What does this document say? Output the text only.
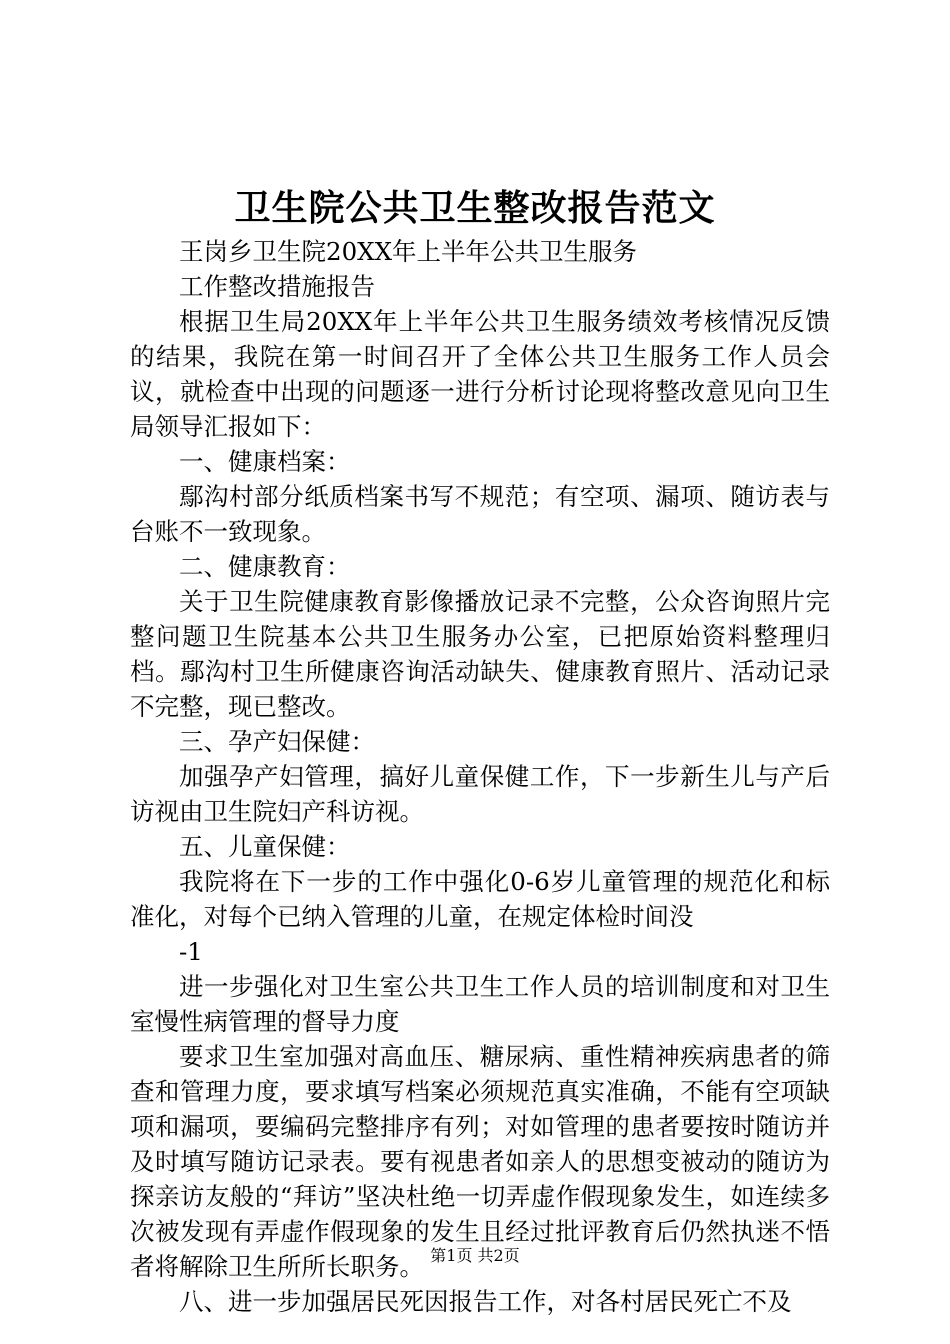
卫生院公共卫生整改报告范文

王岗乡卫生院20XX年上半年公共卫生服务

工作整改措施报告

根据卫生局20XX年上半年公共卫生服务绩效考核情况反馈的结果，我院在第一时间召开了全体公共卫生服务工作人员会议，就检查中出现的问题逐一进行分析讨论现将整改意见向卫生局领导汇报如下：

一、健康档案：

鄢沟村部分纸质档案书写不规范；有空项、漏项、随访表与台账不一致现象。

二、健康教育：

关于卫生院健康教育影像播放记录不完整，公众咨询照片完整问题卫生院基本公共卫生服务办公室，已把原始资料整理归档。鄢沟村卫生所健康咨询活动缺失、健康教育照片、活动记录不完整，现已整改。

三、孕产妇保健：

加强孕产妇管理，搞好儿童保健工作，下一步新生儿与产后访视由卫生院妇产科访视。

五、儿童保健：

我院将在下一步的工作中强化0-6岁儿童管理的规范化和标准化，对每个已纳入管理的儿童，在规定体检时间没

-1

进一步强化对卫生室公共卫生工作人员的培训制度和对卫生室慢性病管理的督导力度

要求卫生室加强对高血压、糖尿病、重性精神疾病患者的筛查和管理力度，要求填写档案必须规范真实准确，不能有空项缺项和漏项，要编码完整排序有列；对如管理的患者要按时随访并及时填写随访记录表。要有视患者如亲人的思想变被动的随访为探亲访友般的“拜访”坚决杜绝一切弄虚作假现象发生，如连续多次被发现有弄虚作假现象的发生且经过批评教育后仍然执迷不悟者将解除卫生所所长职务。

八、进一步加强居民死因报告工作，对各村居民死亡不及

第1页 共2页
